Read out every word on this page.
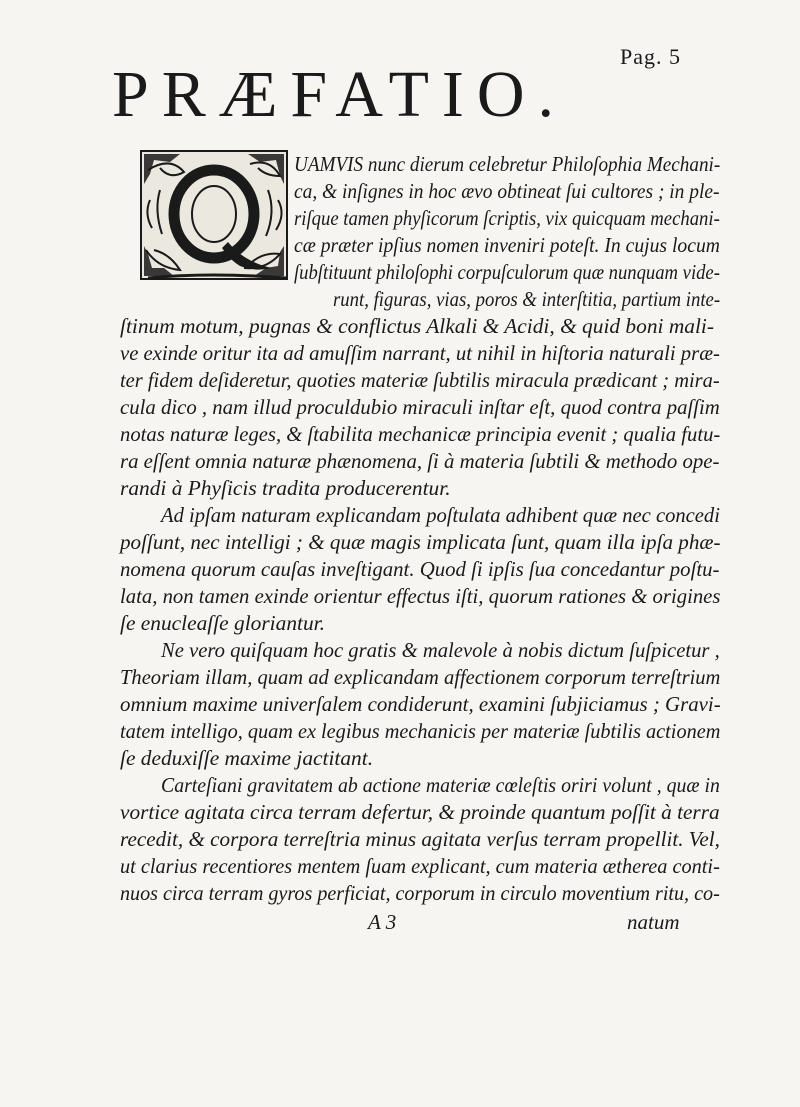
Pag. 5
PRÆFATIO.
UAMVIS nunc dierum celebretur Philoſophia Mechani-
ca, & inſignes in hoc ævo obtineat ſui cultores ; in ple-
riſque tamen phyſicorum ſcriptis, vix quicquam mechani-
cæ præter ipſius nomen inveniri poteſt. In cujus locum
ſubſtituunt philoſophi corpuſculorum quæ nunquam vide-
runt, figuras, vias, poros & interſtitia, partium inte-
ſtinum motum, pugnas & conflictus Alkali & Acidi, & quid boni mali-
ve exinde oritur ita ad amuſſim narrant, ut nihil in hiſtoria naturali præ-
ter fidem deſideretur, quoties materiæ ſubtilis miracula prædicant ; mira-
cula dico , nam illud proculdubio miraculi inſtar eſt, quod contra paſſim
notas naturæ leges, & ſtabilita mechanicæ principia evenit ; qualia futu-
ra eſſent omnia naturæ phænomena, ſi à materia ſubtili & methodo ope-
randi à Phyſicis tradita producerentur.
Ad ipſam naturam explicandam poſtulata adhibent quæ nec concedi
poſſunt, nec intelligi ; & quæ magis implicata ſunt, quam illa ipſa phæ-
nomena quorum cauſas inveſtigant. Quod ſi ipſis ſua concedantur poſtu-
lata, non tamen exinde orientur effectus iſti, quorum rationes & origines
ſe enucleaſſe gloriantur.
Ne vero quiſquam hoc gratis & malevole à nobis dictum ſuſpicetur ,
Theoriam illam, quam ad explicandam affectionem corporum terreſtrium
omnium maxime univerſalem condiderunt, examini ſubjiciamus ; Gravi-
tatem intelligo, quam ex legibus mechanicis per materiæ ſubtilis actionem
ſe deduxiſſe maxime jactitant.
Carteſiani gravitatem ab actione materiæ cœleſtis oriri volunt , quæ in
vortice agitata circa terram defertur, & proinde quantum poſſit à terra
recedit, & corpora terreſtria minus agitata verſus terram propellit. Vel,
ut clarius recentiores mentem ſuam explicant, cum materia ætherea conti-
nuos circa terram gyros perficiat, corporum in circulo moventium ritu, co-
A 3	natum
